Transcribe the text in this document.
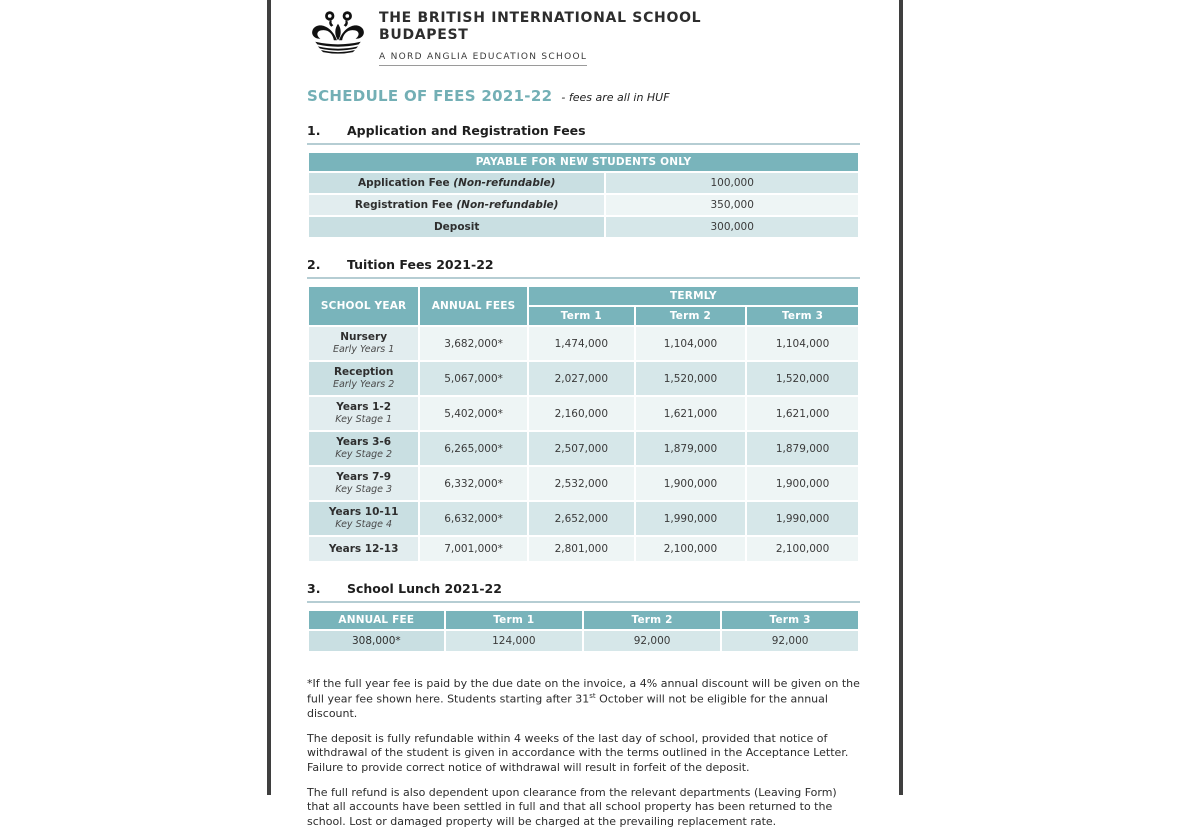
THE BRITISH INTERNATIONAL SCHOOL
BUDAPEST
A NORD ANGLIA EDUCATION SCHOOL
SCHEDULE OF FEES 2021-22 - fees are all in HUF
1.	Application and Registration Fees
PAYABLE FOR NEW STUDENTS ONLY	
Application Fee (Non-refundable)	100,000
Registration Fee (Non-refundable)	350,000
Deposit	300,000
2.	Tuition Fees 2021-22
SCHOOL YEAR	ANNUAL FEES	TERMLY		
		Term 1	Term 2	Term 3

Nursery
Early Years 1	3,682,000*	1,474,000	1,104,000	1,104,000

Reception
Early Years 2	5,067,000*	2,027,000	1,520,000	1,520,000

Years 1-2
Key Stage 1	5,402,000*	2,160,000	1,621,000	1,621,000

Years 3-6
Key Stage 2	6,265,000*	2,507,000	1,879,000	1,879,000

Years 7-9
Key Stage 3	6,332,000*	2,532,000	1,900,000	1,900,000

Years 10-11
Key Stage 4	6,632,000*	2,652,000	1,990,000	1,990,000

Years 12-13	7,001,000*	2,801,000	2,100,000	2,100,000
3.	School Lunch 2021-22
ANNUAL FEE	Term 1	Term 2	Term 3
308,000*	124,000	92,000	92,000

*If the full year fee is paid by the due date on the invoice, a 4% annual discount will be given on the full year fee shown here. Students starting after 31st October will not be eligible for the annual discount.

The deposit is fully refundable within 4 weeks of the last day of school, provided that notice of withdrawal of the student is given in accordance with the terms outlined in the Acceptance Letter. Failure to provide correct notice of withdrawal will result in forfeit of the deposit.

The full refund is also dependent upon clearance from the relevant departments (Leaving Form) that all accounts have been settled in full and that all school property has been returned to the school. Lost or damaged property will be charged at the prevailing replacement rate.
